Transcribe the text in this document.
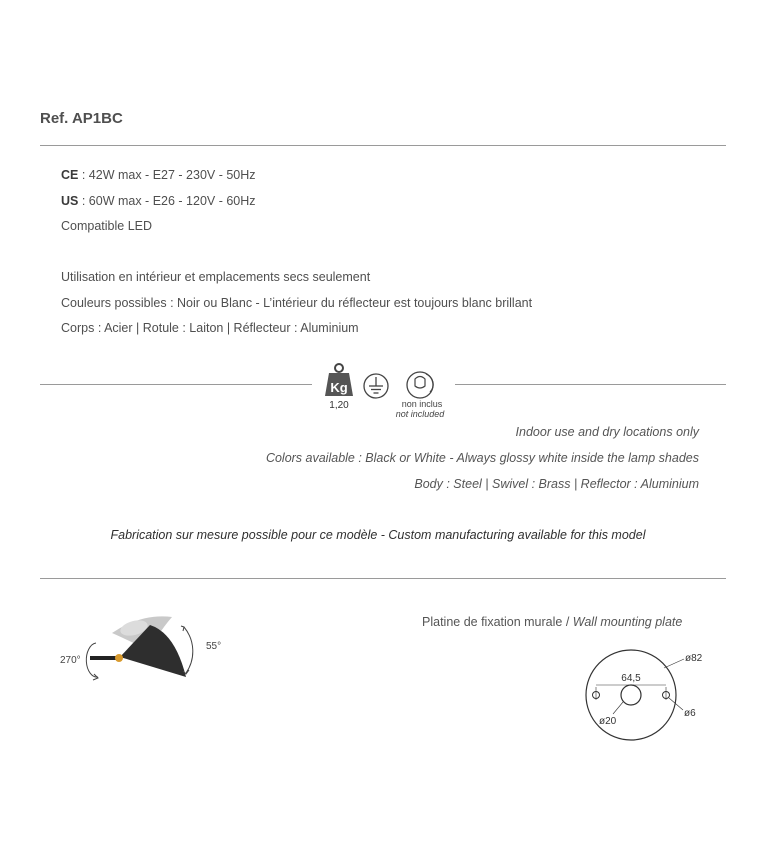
Ref. AP1BC
CE : 42W max - E27 - 230V - 50Hz
US : 60W max - E26 - 120V - 60Hz
Compatible LED
Utilisation en intérieur et emplacements secs seulement
Couleurs possibles : Noir ou Blanc - L’intérieur du réflecteur est toujours blanc brillant
Corps : Acier | Rotule : Laiton | Réflecteur : Aluminium
Kg
1,20	non inclus
not included
Indoor use and dry locations only
Colors available : Black or White - Always glossy white inside the lamp shades
Body : Steel | Swivel : Brass | Reflector : Aluminium
Fabrication sur mesure possible pour ce modèle - Custom manufacturing available for this model
270°
55°
Platine de fixation murale / Wall mounting plate
64,5
ø82
ø6
ø20
